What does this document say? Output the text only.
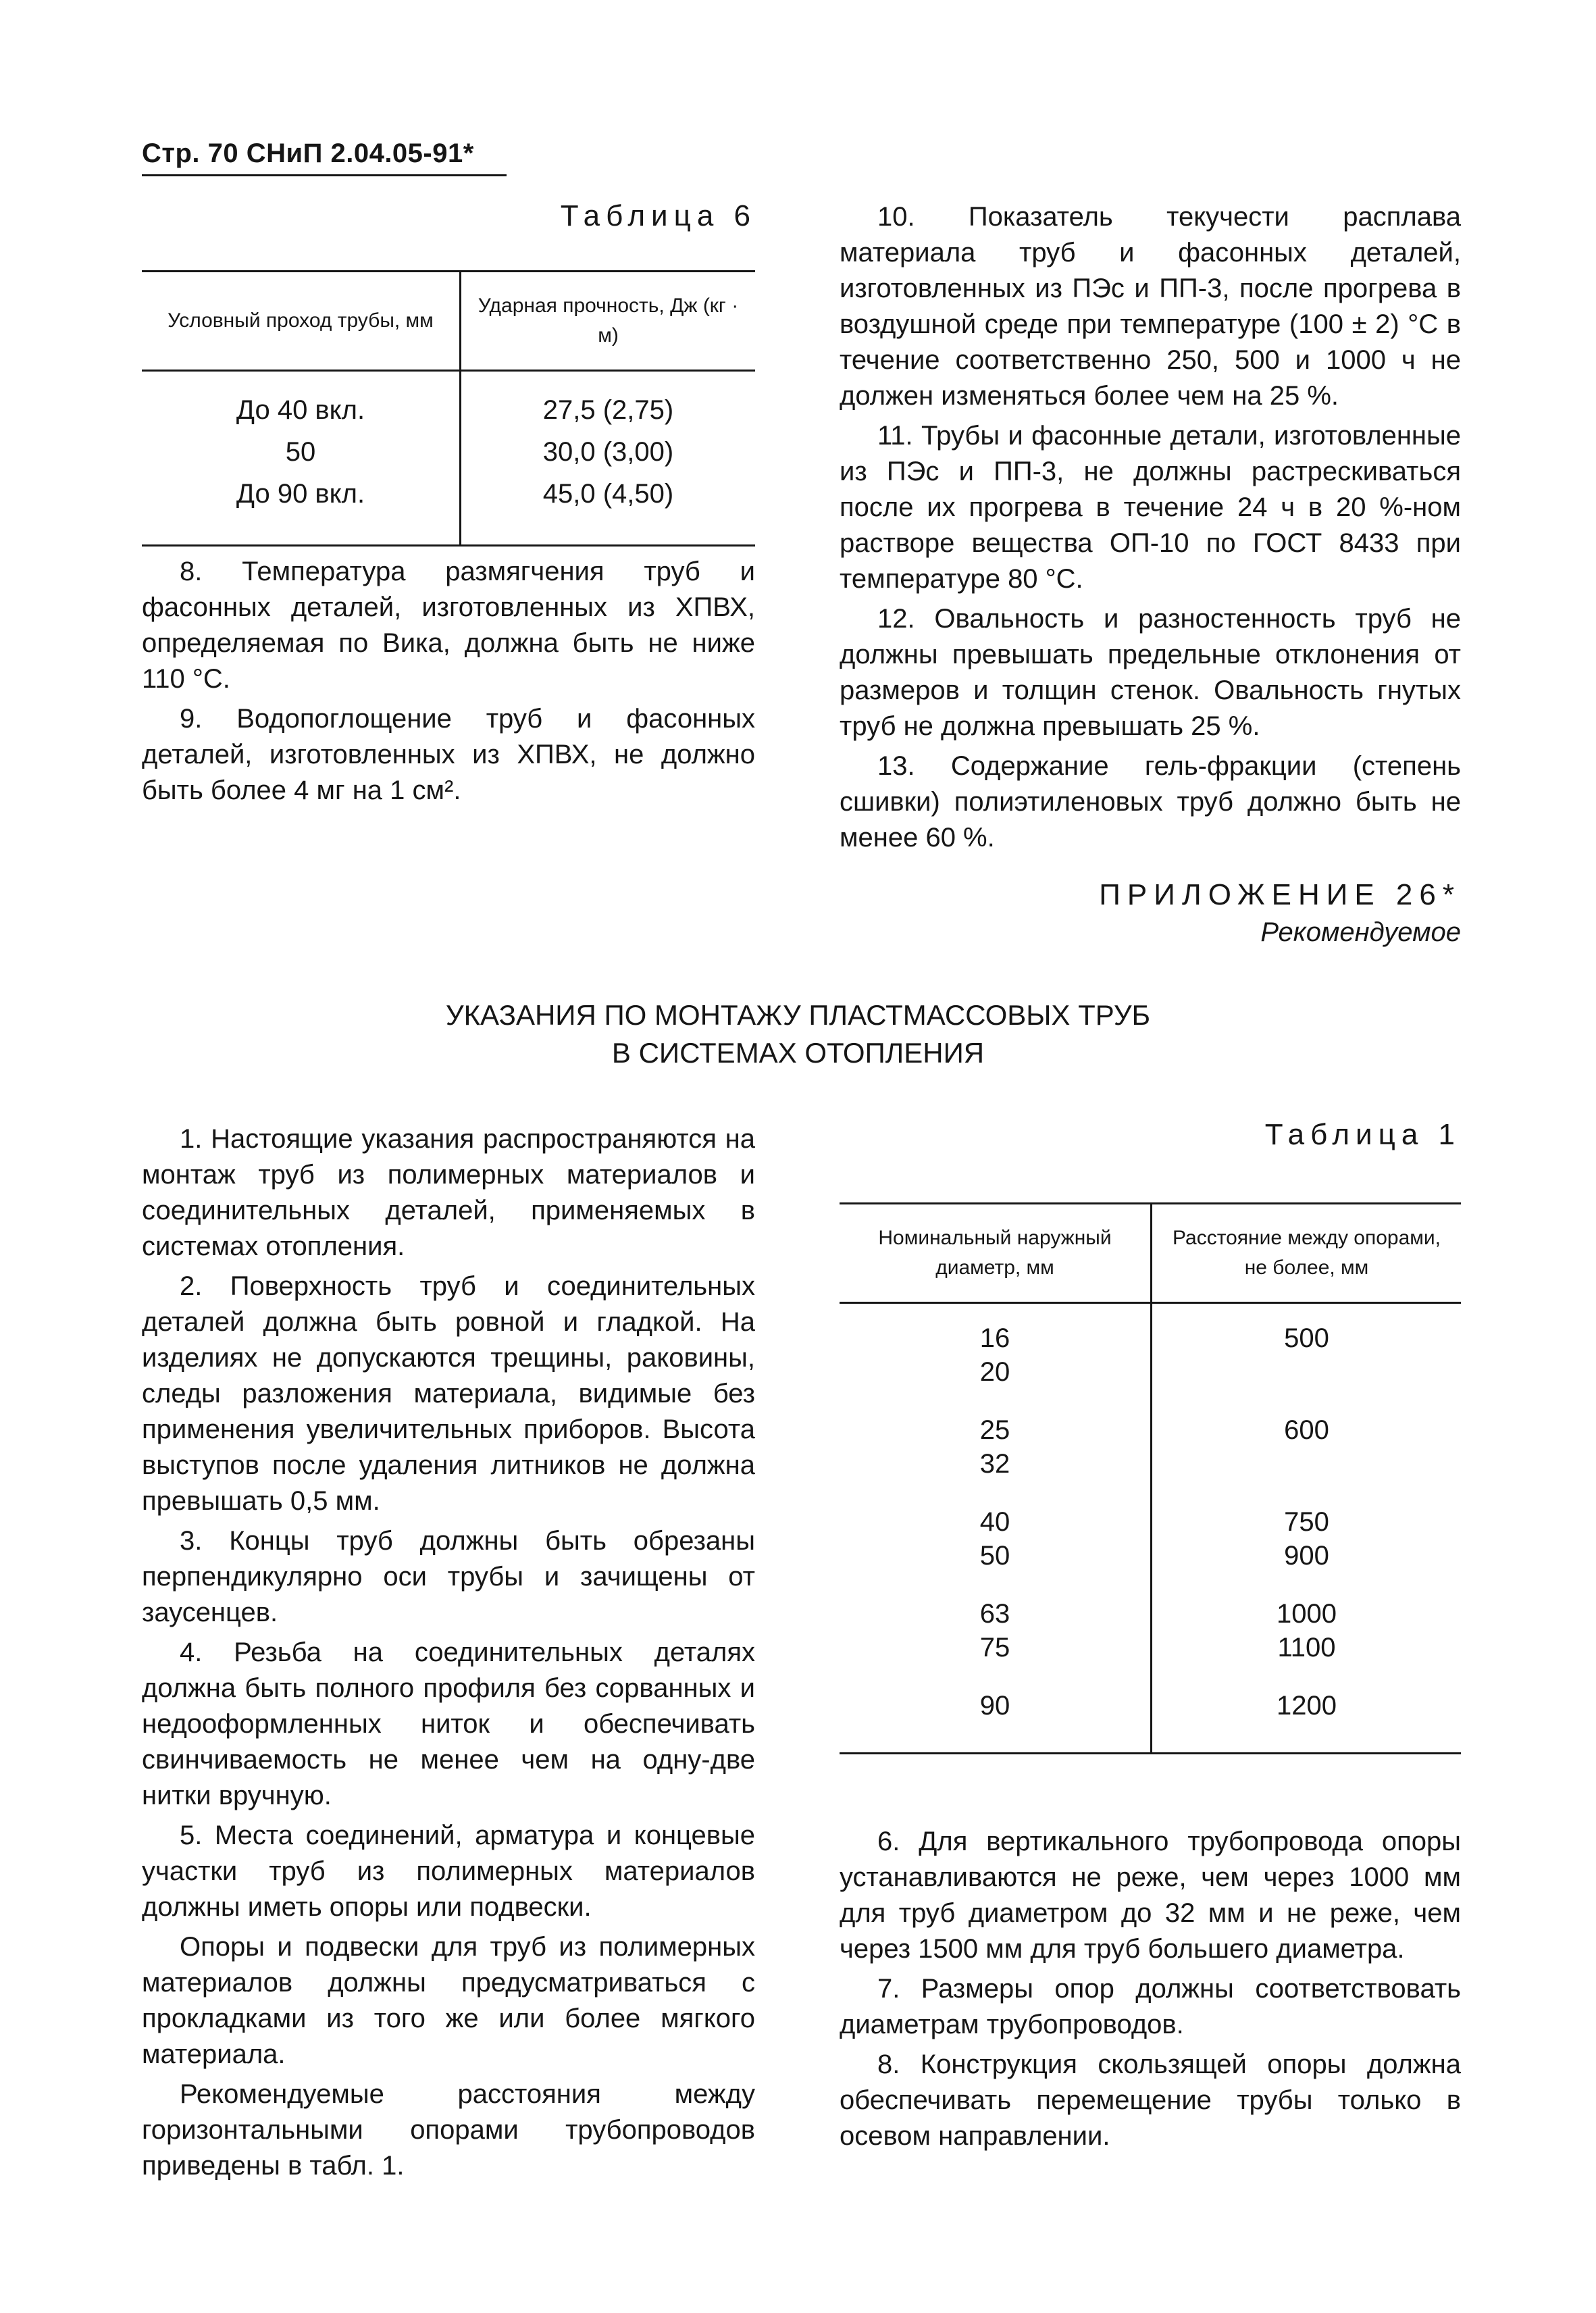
Стр. 70 СНиП 2.04.05-91*
Таблица 6
Условный проход трубы, мм	Ударная прочность, Дж (кг · м)
До 40 вкл.	27,5 (2,75)
50	30,0 (3,00)
До 90 вкл.	45,0 (4,50)

8. Температура размягчения труб и фасонных деталей, изготовленных из ХПВХ, определяемая по Вика, должна быть не ниже 110 °С.

9. Водопоглощение труб и фасонных деталей, изготовленных из ХПВХ, не должно быть более 4 мг на 1 см².

10. Показатель текучести расплава материала труб и фасонных деталей, изготовленных из ПЭс и ПП-3, после прогрева в воздушной среде при температуре (100 ± 2) °С в течение соответственно 250, 500 и 1000 ч не должен изменяться более чем на 25 %.

11. Трубы и фасонные детали, изготовленные из ПЭс и ПП-3, не должны растрескиваться после их прогрева в течение 24 ч в 20 %-ном растворе вещества ОП-10 по ГОСТ 8433 при температуре 80 °С.

12. Овальность и разностенность труб не должны превышать предельные отклонения от размеров и толщин стенок. Овальность гнутых труб не должна превышать 25 %.

13. Содержание гель-фракции (степень сшивки) полиэтиленовых труб должно быть не менее 60 %.

ПРИЛОЖЕНИЕ 26*
Рекомендуемое
УКАЗАНИЯ ПО МОНТАЖУ ПЛАСТМАССОВЫХ ТРУБ
В СИСТЕМАХ ОТОПЛЕНИЯ

1. Настоящие указания распространяются на монтаж труб из полимерных материалов и соединительных деталей, применяемых в системах отопления.

2. Поверхность труб и соединительных деталей должна быть ровной и гладкой. На изделиях не допускаются трещины, раковины, следы разложения материала, видимые без применения увеличительных приборов. Высота выступов после удаления литников не должна превышать 0,5 мм.

3. Концы труб должны быть обрезаны перпендикулярно оси трубы и зачищены от заусенцев.

4. Резьба на соединительных деталях должна быть полного профиля без сорванных и недооформленных ниток и обеспечивать свинчиваемость не менее чем на одну-две нитки вручную.

5. Места соединений, арматура и концевые участки труб из полимерных материалов должны иметь опоры или подвески.

Опоры и подвески для труб из полимерных материалов должны предусматриваться с прокладками из того же или более мягкого материала.

Рекомендуемые расстояния между горизонтальными опорами трубопроводов приведены в табл. 1.

Таблица 1
Номинальный наружный диаметр, мм	Расстояние между опорами, не более, мм
16	500
20	

25	600
32	

40	750
50	900

63	1000
75	1100

90	1200

6. Для вертикального трубопровода опоры устанавливаются не реже, чем через 1000 мм для труб диаметром до 32 мм и не реже, чем через 1500 мм для труб большего диаметра.

7. Размеры опор должны соответствовать диаметрам трубопроводов.

8. Конструкция скользящей опоры должна обеспечивать перемещение трубы только в осевом направлении.
